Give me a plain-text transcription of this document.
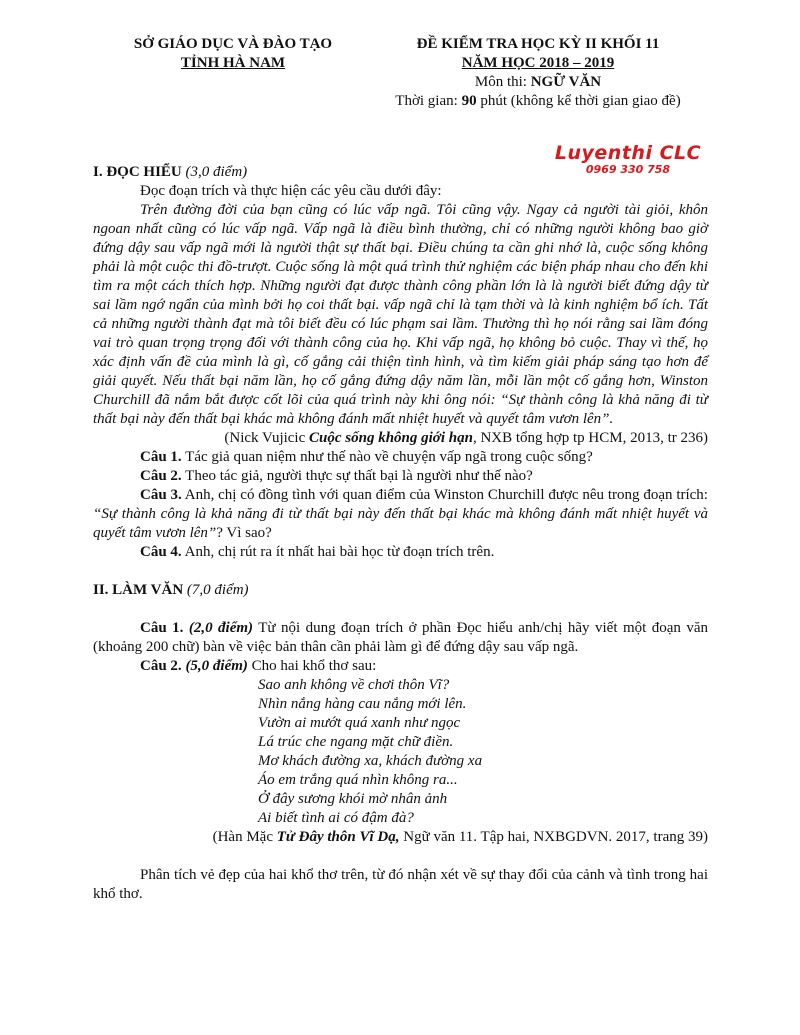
SỞ GIÁO DỤC VÀ ĐÀO TẠO
TỈNH HÀ NAM
ĐỀ KIỂM TRA HỌC KỲ II KHỐI 11
NĂM HỌC 2018 – 2019
Môn thi: NGỮ VĂN
Thời gian: 90 phút (không kể thời gian giao đề)
Luyenthi CLC
0969 330 758

I. ĐỌC HIỂU (3,0 điểm)

Đọc đoạn trích và thực hiện các yêu cầu dưới đây:

Trên đường đời của bạn cũng có lúc vấp ngã. Tôi cũng vậy. Ngay cả người tài giỏi, khôn ngoan nhất cũng có lúc vấp ngã. Vấp ngã là điều bình thường, chỉ có những người không bao giờ đứng dậy sau vấp ngã mới là người thật sự thất bại. Điều chúng ta cần ghi nhớ là, cuộc sống không phải là một cuộc thi đồ-trượt. Cuộc sống là một quá trình thử nghiệm các biện pháp nhau cho đến khi tìm ra một cách thích hợp. Những người đạt được thành công phần lớn là là người biết đứng dậy từ sai lầm ngớ ngẩn của mình bởi họ coi thất bại. vấp ngã chỉ là tạm thời và là kinh nghiệm bổ ích. Tất cả những người thành đạt mà tôi biết đều có lúc phạm sai lầm. Thường thì họ nói rằng sai lầm đóng vai trò quan trọng trọng đối với thành công của họ. Khi vấp ngã, họ không bỏ cuộc. Thay vì thế, họ xác định vấn đề của mình là gì, cố gắng cải thiện tình hình, và tìm kiếm giải pháp sáng tạo hơn để giải quyết. Nếu thất bại năm lần, họ cố gắng đứng dậy năm lần, mỗi lần một cố gắng hơn, Winston Churchill đã nắm bắt được cốt lõi của quá trình này khi ông nói: “Sự thành công là khả năng đi từ thất bại này đến thất bại khác mà không đánh mất nhiệt huyết và quyết tâm vươn lên”.

(Nick Vujicic Cuộc sống không giới hạn, NXB tổng hợp tp HCM, 2013, tr 236)

Câu 1. Tác giả quan niệm như thế nào về chuyện vấp ngã trong cuộc sống?

Câu 2. Theo tác giả, người thực sự thất bại là người như thế nào?

Câu 3. Anh, chị có đồng tình với quan điểm của Winston Churchill được nêu trong đoạn trích: “Sự thành công là khả năng đi từ thất bại này đến thất bại khác mà không đánh mất nhiệt huyết và quyết tâm vươn lên”? Vì sao?

Câu 4. Anh, chị rút ra ít nhất hai bài học từ đoạn trích trên.

II. LÀM VĂN (7,0 điểm)

Câu 1. (2,0 điểm) Từ nội dung đoạn trích ở phần Đọc hiểu anh/chị hãy viết một đoạn văn (khoảng 200 chữ) bàn về việc bản thân cần phải làm gì để đứng dậy sau vấp ngã.

Câu 2. (5,0 điểm) Cho hai khổ thơ sau:

Sao anh không về chơi thôn Vĩ?
Nhìn nắng hàng cau nắng mới lên.
Vườn ai mướt quá xanh như ngọc
Lá trúc che ngang mặt chữ điền.
Mơ khách đường xa, khách đường xa
Áo em trắng quá nhìn không ra...
Ở đây sương khói mờ nhân ảnh
Ai biết tình ai có đậm đà?

(Hàn Mặc Tử Đây thôn Vĩ Dạ, Ngữ văn 11. Tập hai, NXBGDVN. 2017, trang 39)

Phân tích vẻ đẹp của hai khổ thơ trên, từ đó nhận xét về sự thay đổi của cảnh và tình trong hai khổ thơ.
